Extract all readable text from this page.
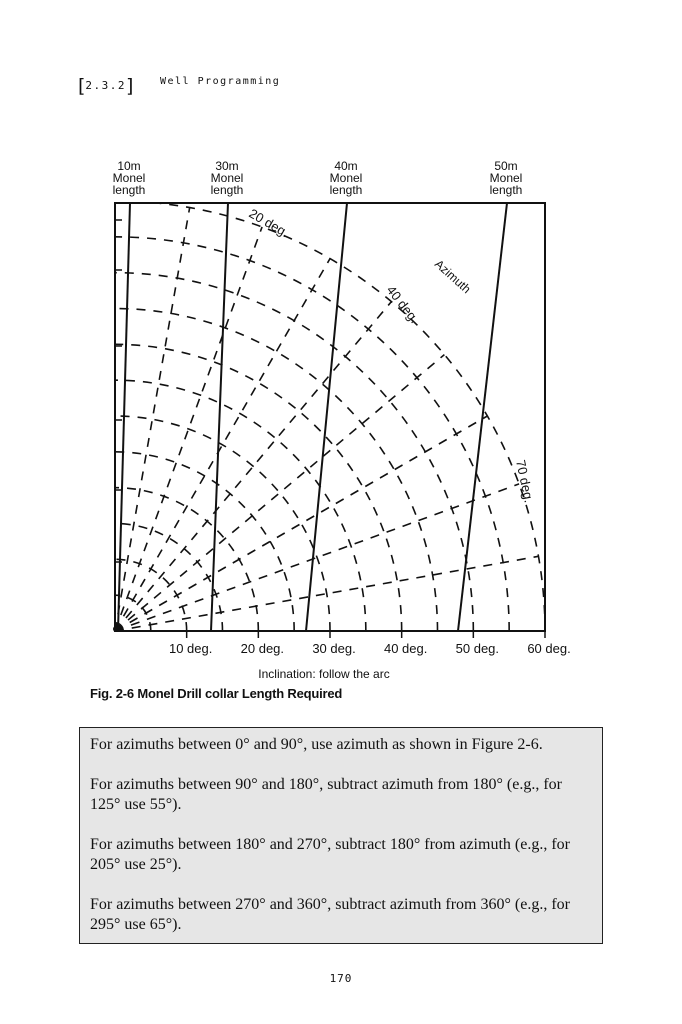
[2.3.2]	Well Programming
10m
Monel
length
30m
Monel
length
40m
Monel
length
50m
Monel
length
10 deg. 20 deg. 30 deg. 40 deg. 50 deg. 60 deg.
Inclination: follow the arc
20 deg.
40 deg.
70 deg.
Azimuth
Fig. 2-6 Monel Drill collar Length Required

For azimuths between 0° and 90°, use azimuth as shown in Figure 2-6.

For azimuths between 90° and 180°, subtract azimuth from 180° (e.g., for 125° use 55°).

For azimuths between 180° and 270°, subtract 180° from azimuth (e.g., for 205° use 25°).

For azimuths between 270° and 360°, subtract azimuth from 360° (e.g., for 295° use 65°).

170
